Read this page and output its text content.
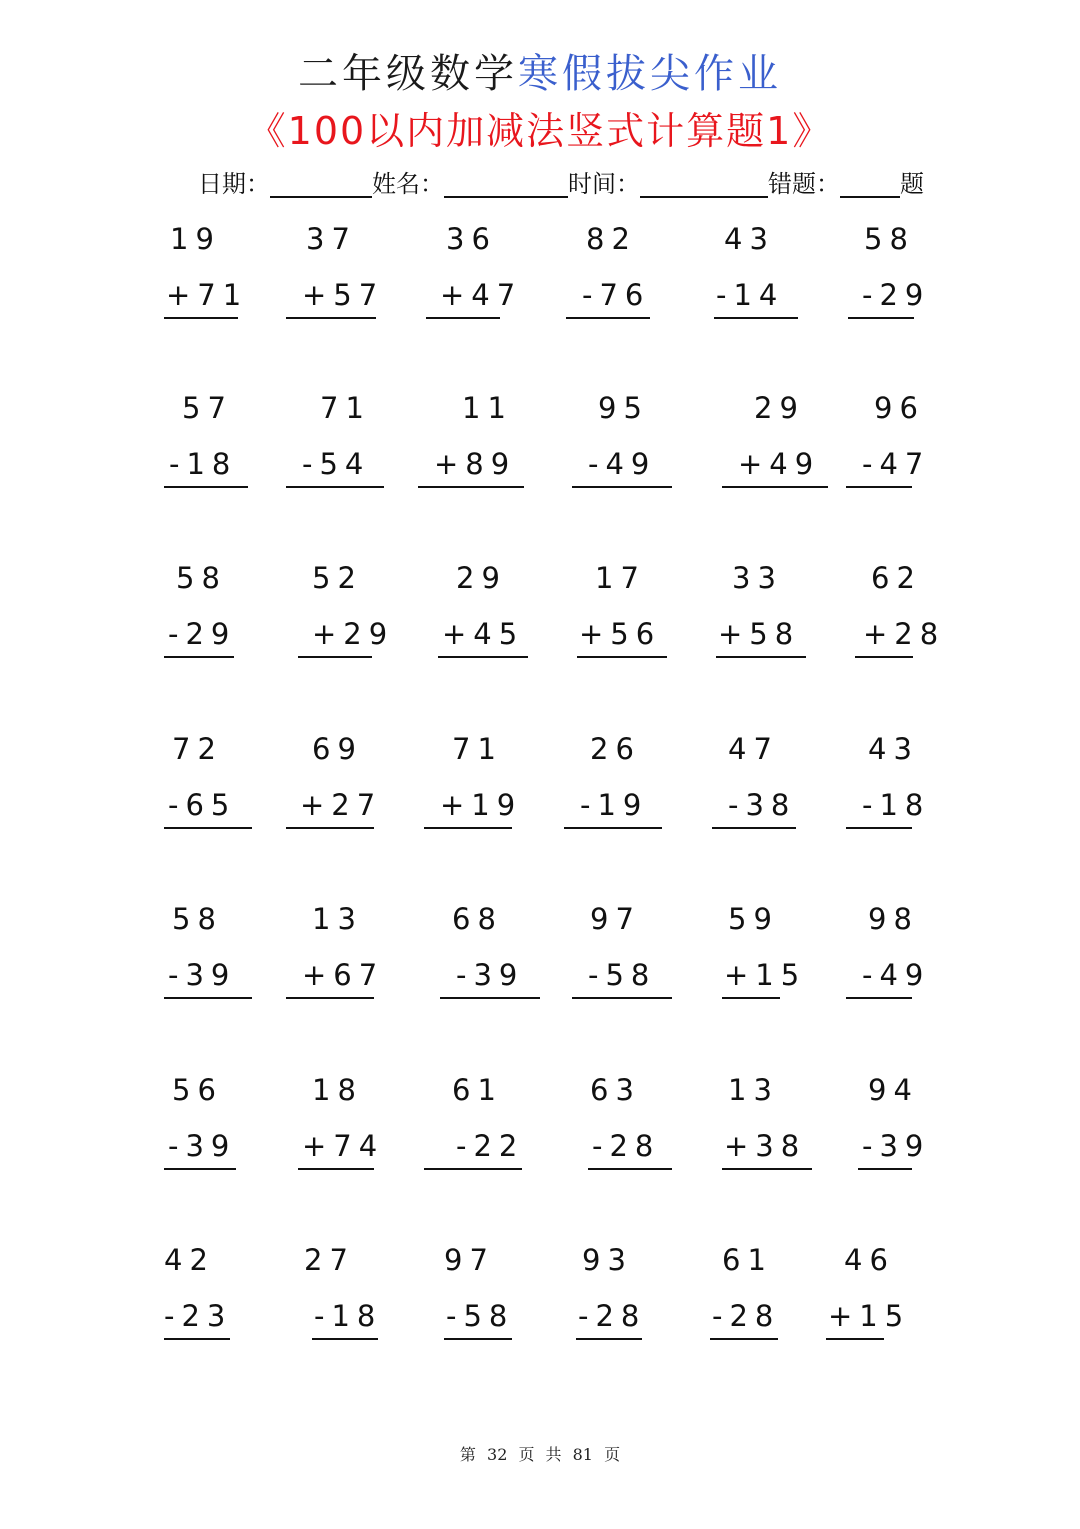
二年级数学寒假拔尖作业
《100以内加减法竖式计算题1》
日期：	姓名：	时间：	错题：	题
19
+71
37
+57
36
+47
82
-76
43
-14
58
-29
57
-18
71
-54
11
+89
95
-49
29
+49
96
-47
58
-29
52
+29
29
+45
17
+56
33
+58
62
+28
72
-65
69
+27
71
+19
26
-19
47
-38
43
-18
58
-39
13
+67
68
-39
97
-58
59
+15
98
-49
56
-39
18
+74
61
-22
63
-28
13
+38
94
-39
42
-23
27
-18
97
-58
93
-28
61
-28
46
+15
第 32 页 共 81 页
